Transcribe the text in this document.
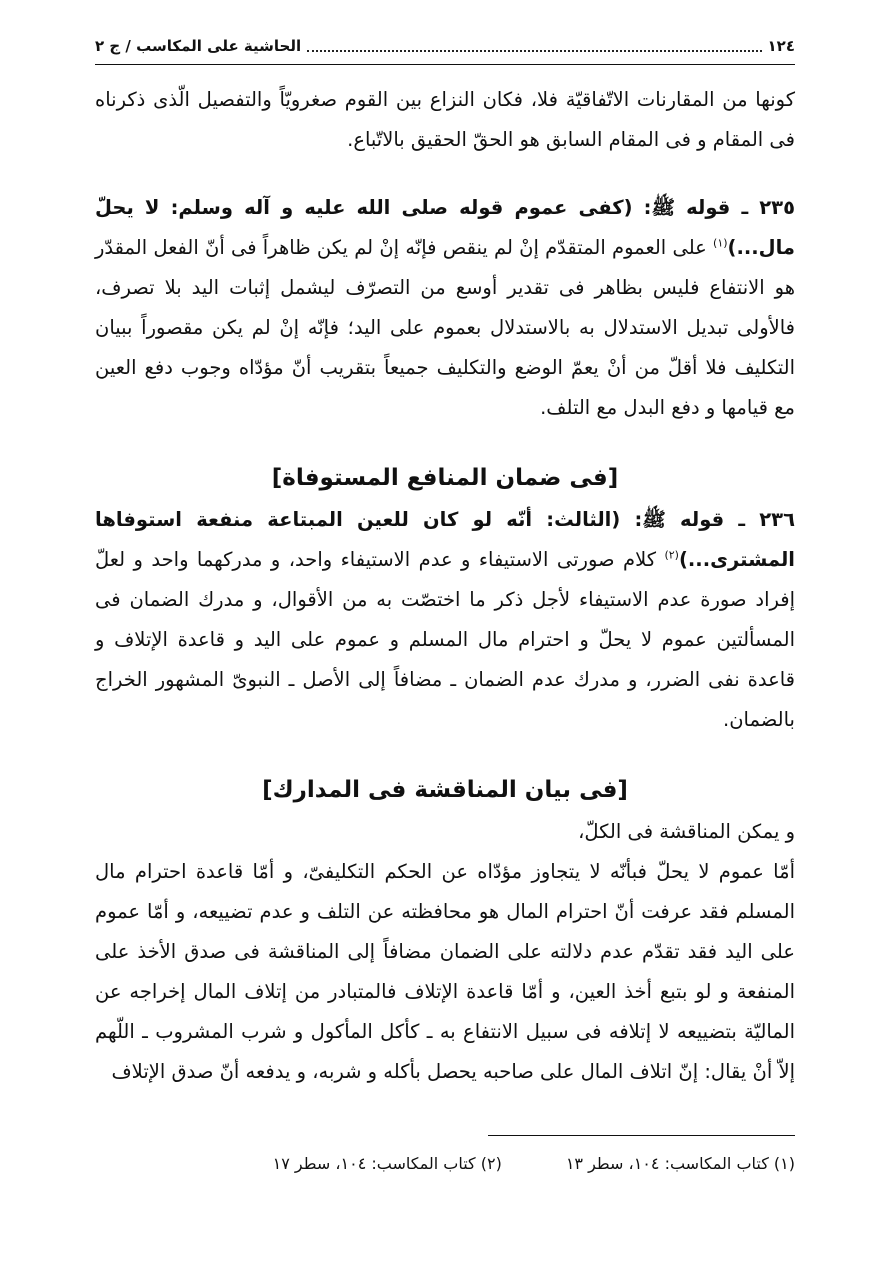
١٢٤
الحاشية على المكاسب / ج ٢

كونها من المقارنات الاتّفاقيّة فلا، فكان النزاع بين القوم صغرويّاً والتفصيل الّذى ذكرناه فى المقام و فى المقام السابق هو الحقّ الحقيق بالاتّباع.

٢٣٥ ـ قوله ﷺ: (كفى عموم قوله صلى الله عليه و آله وسلم: لا يحلّ مال...)$^{(١)}$ على العموم المتقدّم إنْ لم ينقص فإنّه إنْ لم يكن ظاهراً فى أنّ الفعل المقدّر هو الانتفاع فليس بظاهر فى تقدير أوسع من التصرّف ليشمل إثبات اليد بلا تصرف، فالأولى تبديل الاستدلال به بالاستدلال بعموم على اليد؛ فإنّه إنْ لم يكن مقصوراً ببيان التكليف فلا أقلّ من أنْ يعمّ الوضع والتكليف جميعاً بتقريب أنّ مؤدّاه وجوب دفع العين مع قيامها و دفع البدل مع التلف.

[فى ضمان المنافع المستوفاة]

٢٣٦ ـ قوله ﷺ: (الثالث: أنّه لو كان للعين المبتاعة منفعة استوفاها المشترى...)$^{(٢)}$ كلام صورتى الاستيفاء و عدم الاستيفاء واحد، و مدركهما واحد و لعلّ إفراد صورة عدم الاستيفاء لأجل ذكر ما اختصّت به من الأقوال، و مدرك الضمان فى المسألتين عموم لا يحلّ و احترام مال المسلم و عموم على اليد و قاعدة الإتلاف و قاعدة نفى الضرر، و مدرك عدم الضمان ـ مضافاً إلى الأصل ـ النبوىّ المشهور الخراج بالضمان.

[فى بيان المناقشة فى المدارك]

و يمكن المناقشة فى الكلّ،

أمّا عموم لا يحلّ فبأنّه لا يتجاوز مؤدّاه عن الحكم التكليفىّ، و أمّا قاعدة احترام مال المسلم فقد عرفت أنّ احترام المال هو محافظته عن التلف و عدم تضييعه، و أمّا عموم على اليد فقد تقدّم عدم دلالته على الضمان مضافاً إلى المناقشة فى صدق الأخذ على المنفعة و لو بتبع أخذ العين، و أمّا قاعدة الإتلاف فالمتبادر من إتلاف المال إخراجه عن الماليّة بتضييعه لا إتلافه فى سبيل الانتفاع به ـ كأكل المأكول و شرب المشروب ـ اللّهم إلاّ أنْ يقال: إنّ اتلاف المال على صاحبه يحصل بأكله و شربه، و يدفعه أنّ صدق الإتلاف

(١) كتاب المكاسب: ١٠٤، سطر ١٣
(٢) كتاب المكاسب: ١٠٤، سطر ١٧
